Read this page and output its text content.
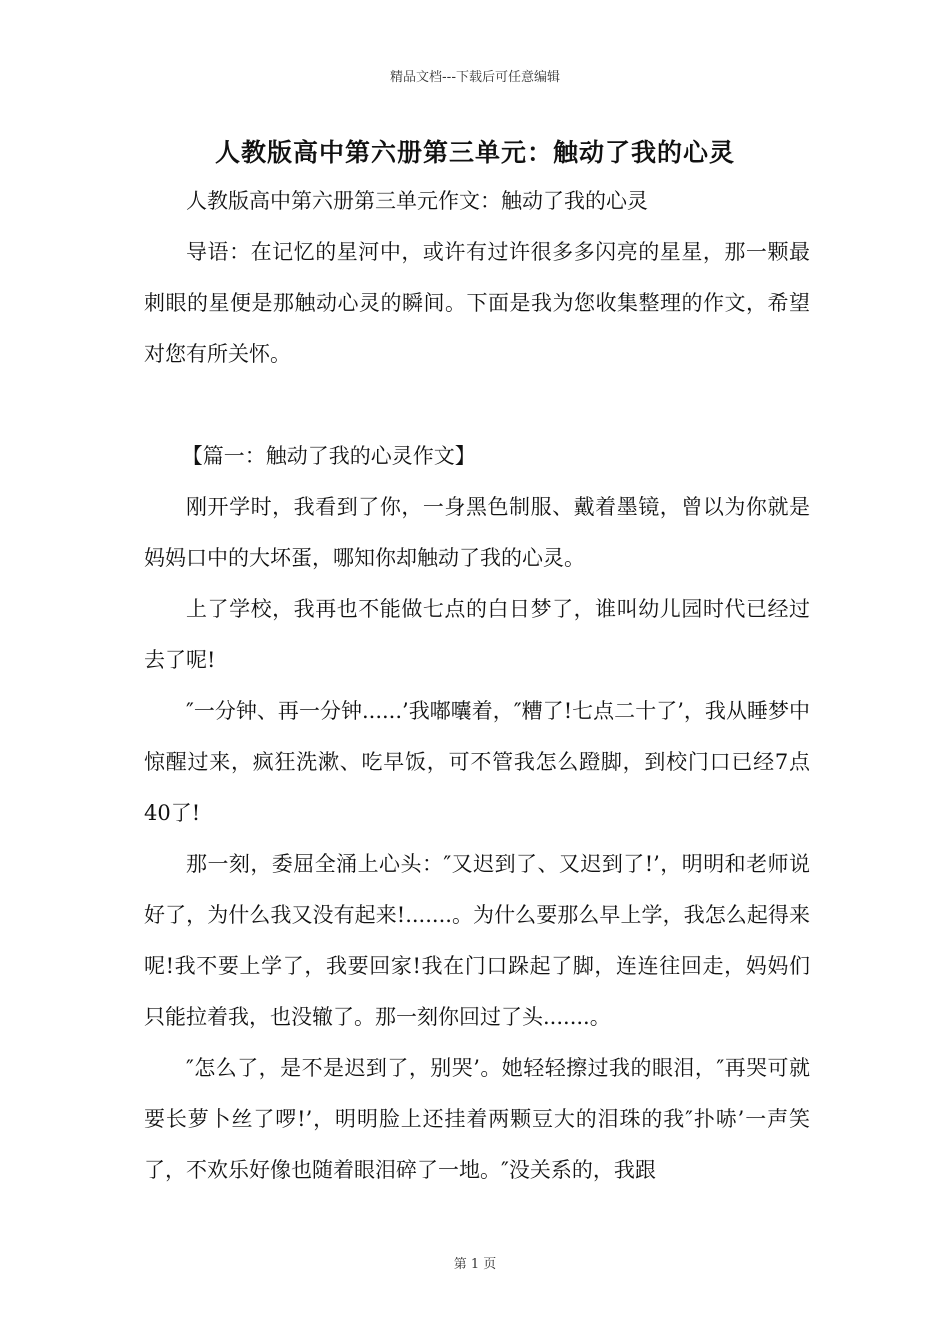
精品文档---下载后可任意编辑
人教版高中第六册第三单元：触动了我的心灵

人教版高中第六册第三单元作文：触动了我的心灵

导语：在记忆的星河中，或许有过许很多多闪亮的星星，那一颗最刺眼的星便是那触动心灵的瞬间。下面是我为您收集整理的作文，希望对您有所关怀。

【篇一：触动了我的心灵作文】

刚开学时，我看到了你，一身黑色制服、戴着墨镜，曾以为你就是妈妈口中的大坏蛋，哪知你却触动了我的心灵。

上了学校，我再也不能做七点的白日梦了，谁叫幼儿园时代已经过去了呢!

″一分钟、再一分钟......’我嘟囔着，″糟了!七点二十了’，我从睡梦中惊醒过来，疯狂洗漱、吃早饭，可不管我怎么蹬脚，到校门口已经7点40了!

那一刻，委屈全涌上心头：″又迟到了、又迟到了!’，明明和老师说好了，为什么我又没有起来!.......。为什么要那么早上学，我怎么起得来呢!我不要上学了，我要回家!我在门口跺起了脚，连连往回走，妈妈们只能拉着我，也没辙了。那一刻你回过了头.......。

″怎么了，是不是迟到了，别哭’。她轻轻擦过我的眼泪，″再哭可就要长萝卜丝了啰!’，明明脸上还挂着两颗豆大的泪珠的我″扑哧’一声笑了，不欢乐好像也随着眼泪碎了一地。″没关系的，我跟

第 1 页
